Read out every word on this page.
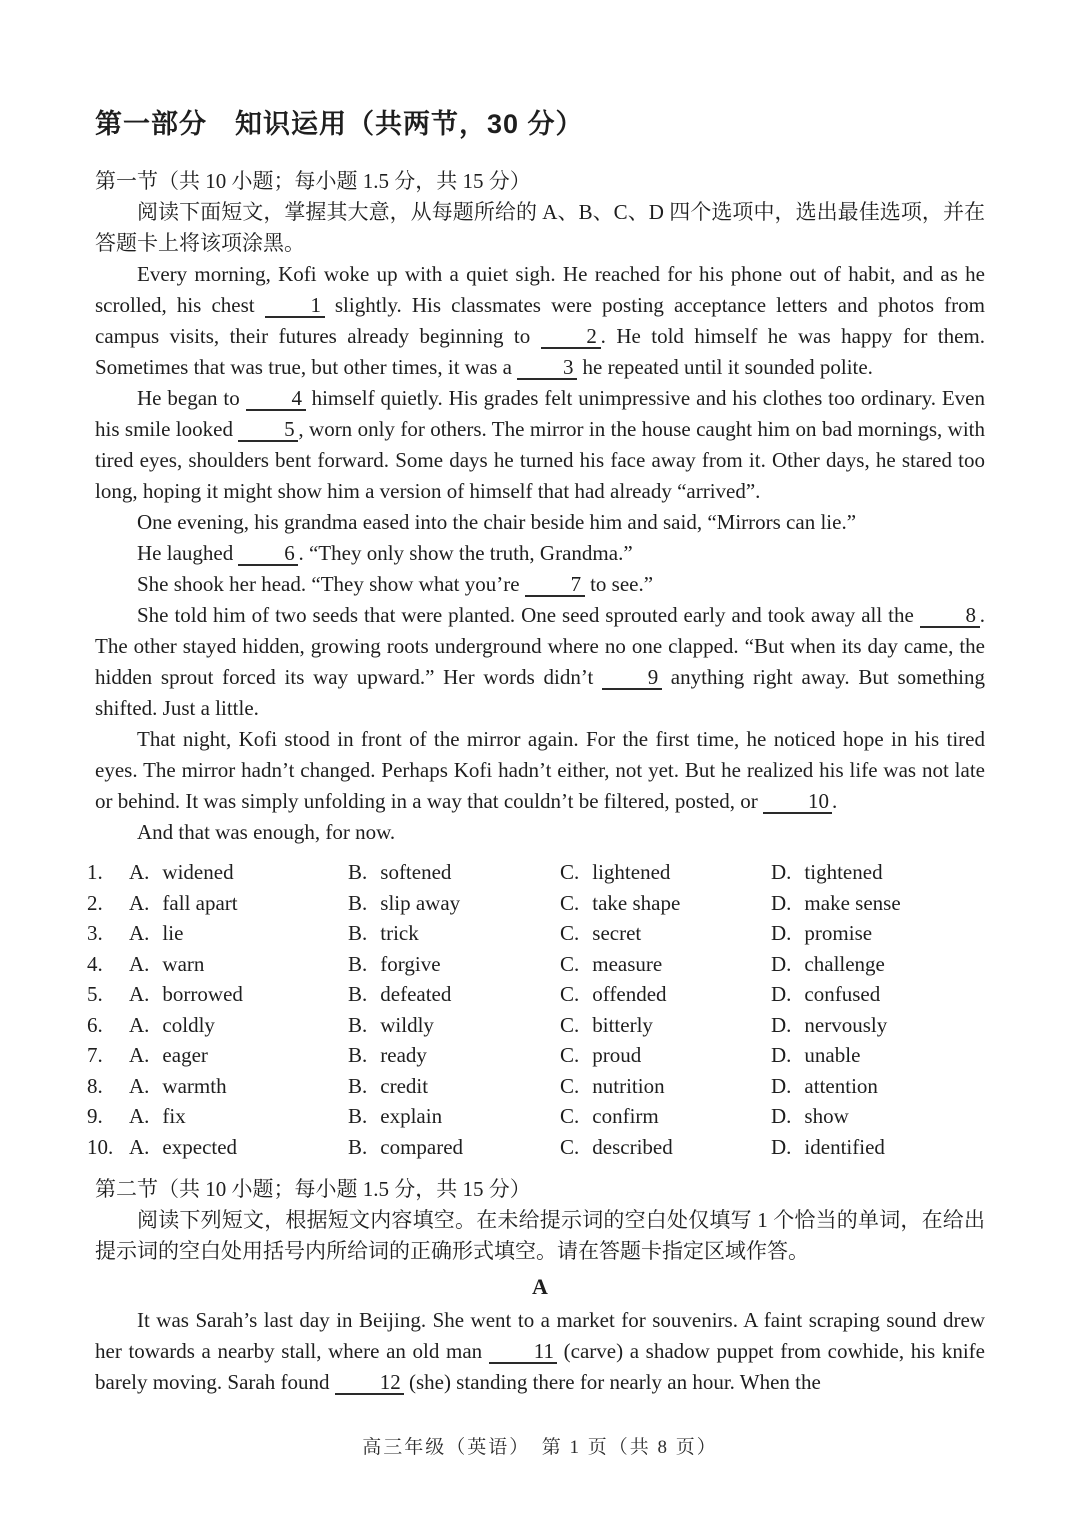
第一部分　知识运用（共两节，30 分）

第一节（共 10 小题；每小题 1.5 分，共 15 分）

阅读下面短文，掌握其大意，从每题所给的 A、B、C、D 四个选项中，选出最佳选项，并在答题卡上将该项涂黑。

Every morning, Kofi woke up with a quiet sigh. He reached for his phone out of habit, and as he scrolled, his chest 1 slightly. His classmates were posting acceptance letters and photos from campus visits, their futures already beginning to 2 . He told himself he was happy for them. Sometimes that was true, but other times, it was a 3 he repeated until it sounded polite.

He began to 4 himself quietly. His grades felt unimpressive and his clothes too ordinary. Even his smile looked 5 , worn only for others. The mirror in the house caught him on bad mornings, with tired eyes, shoulders bent forward. Some days he turned his face away from it. Other days, he stared too long, hoping it might show him a version of himself that had already “arrived”.

One evening, his grandma eased into the chair beside him and said, “Mirrors can lie.”

He laughed 6 . “They only show the truth, Grandma.”

She shook her head. “They show what you’re 7 to see.”

She told him of two seeds that were planted. One seed sprouted early and took away all the 8 . The other stayed hidden, growing roots underground where no one clapped. “But when its day came, the hidden sprout forced its way upward.” Her words didn’t 9 anything right away. But something shifted. Just a little.

That night, Kofi stood in front of the mirror again. For the first time, he noticed hope in his tired eyes. The mirror hadn’t changed. Perhaps Kofi hadn’t either, not yet. But he realized his life was not late or behind. It was simply unfolding in a way that couldn’t be filtered, posted, or 10 .

And that was enough, for now.

1.	A. widened	B. softened	C. lightened	D. tightened
2.	A. fall apart	B. slip away	C. take shape	D. make sense
3.	A. lie	B. trick	C. secret	D. promise
4.	A. warn	B. forgive	C. measure	D. challenge
5.	A. borrowed	B. defeated	C. offended	D. confused
6.	A. coldly	B. wildly	C. bitterly	D. nervously
7.	A. eager	B. ready	C. proud	D. unable
8.	A. warmth	B. credit	C. nutrition	D. attention
9.	A. fix	B. explain	C. confirm	D. show
10. A. expected	B. compared	C. described	D. identified

第二节（共 10 小题；每小题 1.5 分，共 15 分）

阅读下列短文，根据短文内容填空。在未给提示词的空白处仅填写 1 个恰当的单词，在给出提示词的空白处用括号内所给词的正确形式填空。请在答题卡指定区域作答。

A

It was Sarah’s last day in Beijing. She went to a market for souvenirs. A faint scraping sound drew her towards a nearby stall, where an old man 11 (carve) a shadow puppet from cowhide, his knife barely moving. Sarah found 12 (she) standing there for nearly an hour. When the

高三年级（英语）　第 1 页（共 8 页）
